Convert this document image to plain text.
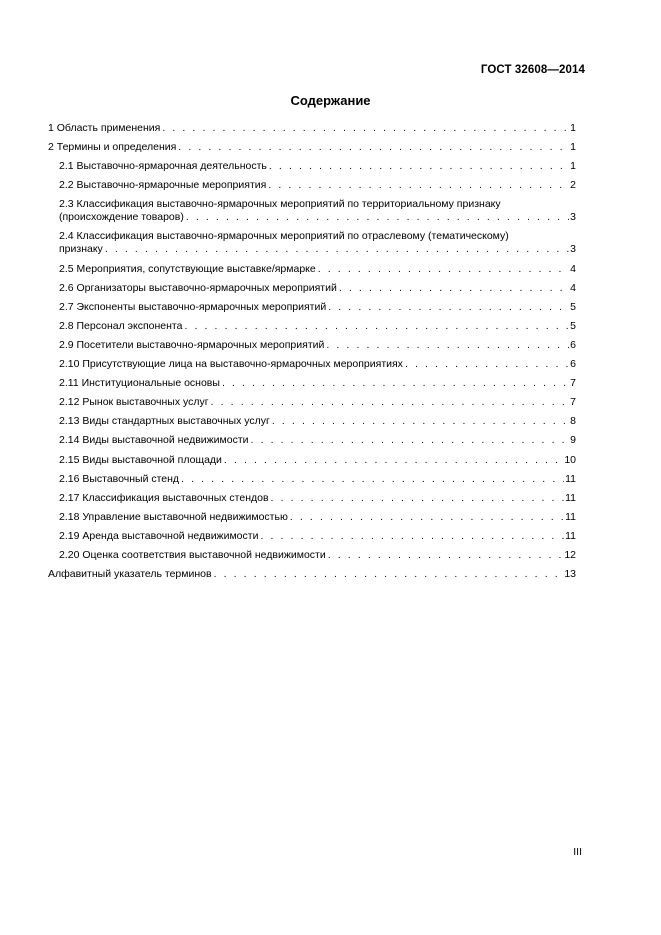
ГОСТ 32608—2014
Содержание
1 Область применения . . .	1
2 Термины и определения . . .	1
2.1 Выставочно-ярмарочная деятельность . . .	1
2.2 Выставочно-ярмарочные мероприятия . . .	2
2.3 Классификация выставочно-ярмарочных мероприятий по территориальному признаку
(происхождение товаров) . . .	3
2.4 Классификация выставочно-ярмарочных мероприятий по отраслевому (тематическому)
признаку . . .	3
2.5 Мероприятия, сопутствующие выставке/ярмарке . . .	4
2.6 Организаторы выставочно-ярмарочных мероприятий . . .	4
2.7 Экспоненты выставочно-ярмарочных мероприятий . . .	5
2.8 Персонал экспонента . . .	5
2.9 Посетители выставочно-ярмарочных мероприятий . . .	6
2.10 Присутствующие лица на выставочно-ярмарочных мероприятиях . . .	6
2.11 Институциональные основы . . .	7
2.12 Рынок выставочных услуг . . .	7
2.13 Виды стандартных выставочных услуг . . .	8
2.14 Виды выставочной недвижимости . . .	9
2.15 Виды выставочной площади . . .	10
2.16 Выставочный стенд . . .	11
2.17 Классификация выставочных стендов . . .	11
2.18 Управление выставочной недвижимостью . . .	11
2.19 Аренда выставочной недвижимости . . .	11
2.20 Оценка соответствия выставочной недвижимости . . .	12
Алфавитный указатель терминов . . .	13
III
